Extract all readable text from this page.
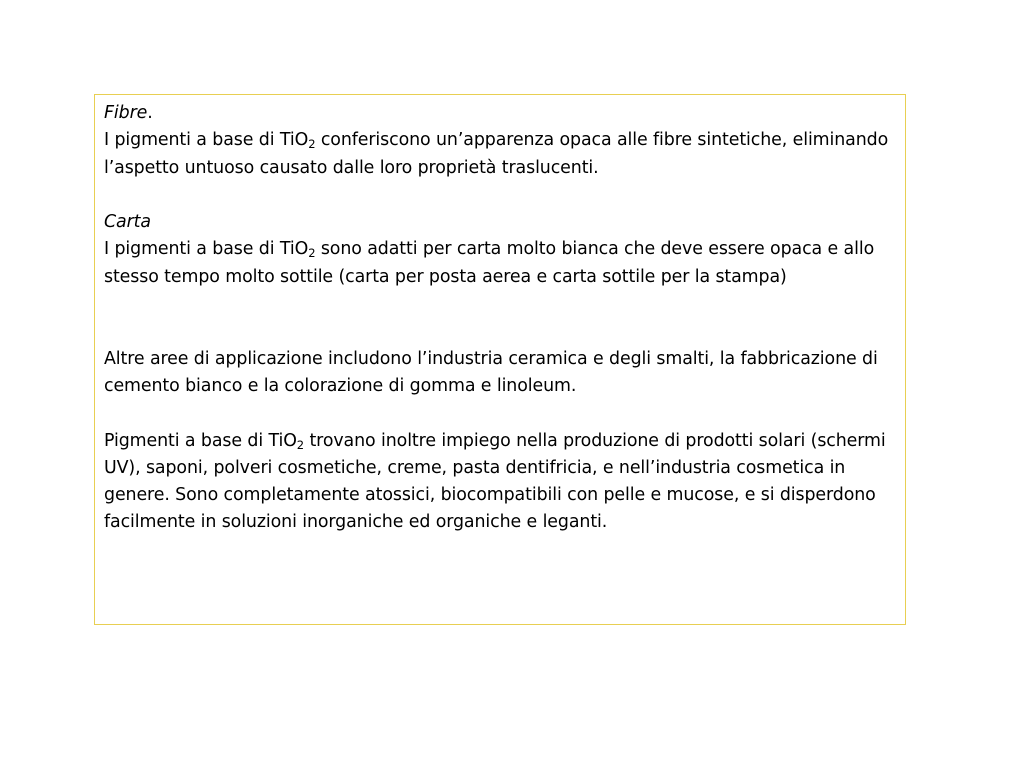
Fibre.

I pigmenti a base di TiO$_2$ conferiscono un’apparenza opaca alle fibre sintetiche, eliminando l’aspetto untuoso causato dalle loro proprietà traslucenti.

Carta

I pigmenti a base di TiO$_2$ sono adatti per carta molto bianca che deve essere opaca e allo stesso tempo molto sottile (carta per posta aerea e carta sottile per la stampa)

Altre aree di applicazione includono l’industria ceramica e degli smalti, la fabbricazione di cemento bianco e la colorazione di gomma e linoleum.

Pigmenti a base di TiO$_2$ trovano inoltre impiego nella produzione di prodotti solari (schermi UV), saponi, polveri cosmetiche, creme, pasta dentifricia, e nell’industria cosmetica in genere. Sono completamente atossici, biocompatibili con pelle e mucose, e si disperdono facilmente in soluzioni inorganiche ed organiche e leganti.
